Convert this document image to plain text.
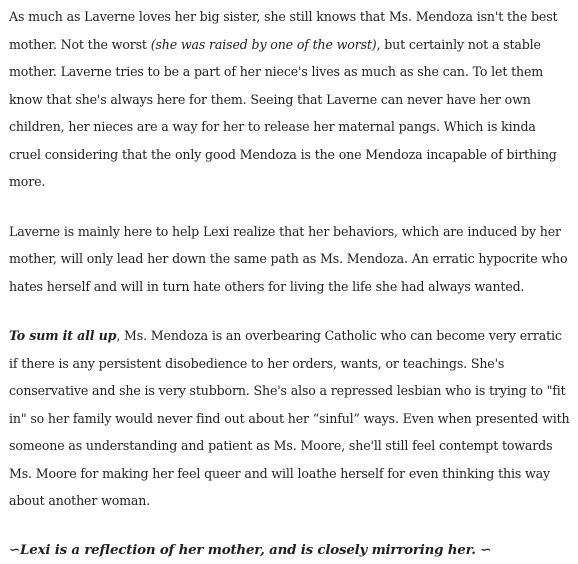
As much as Laverne loves her big sister, she still knows that Ms. Mendoza isn't the best mother. Not the worst (she was raised by one of the worst), but certainly not a stable mother. Laverne tries to be a part of her niece's lives as much as she can. To let them know that she's always here for them. Seeing that Laverne can never have her own children, her nieces are a way for her to release her maternal pangs. Which is kinda cruel considering that the only good Mendoza is the one Mendoza incapable of birthing more.

Laverne is mainly here to help Lexi realize that her behaviors, which are induced by her mother, will only lead her down the same path as Ms. Mendoza. An erratic hypocrite who hates herself and will in turn hate others for living the life she had always wanted.

To sum it all up, Ms. Mendoza is an overbearing Catholic who can become very erratic if there is any persistent disobedience to her orders, wants, or teachings. She's conservative and she is very stubborn. She's also a repressed lesbian who is trying to "fit in" so her family would never find out about her “sinful” ways. Even when presented with someone as understanding and patient as Ms. Moore, she'll still feel contempt towards Ms. Moore for making her feel queer and will loathe herself for even thinking this way about another woman.

∽Lexi is a reflection of her mother, and is closely mirroring her. ∽
